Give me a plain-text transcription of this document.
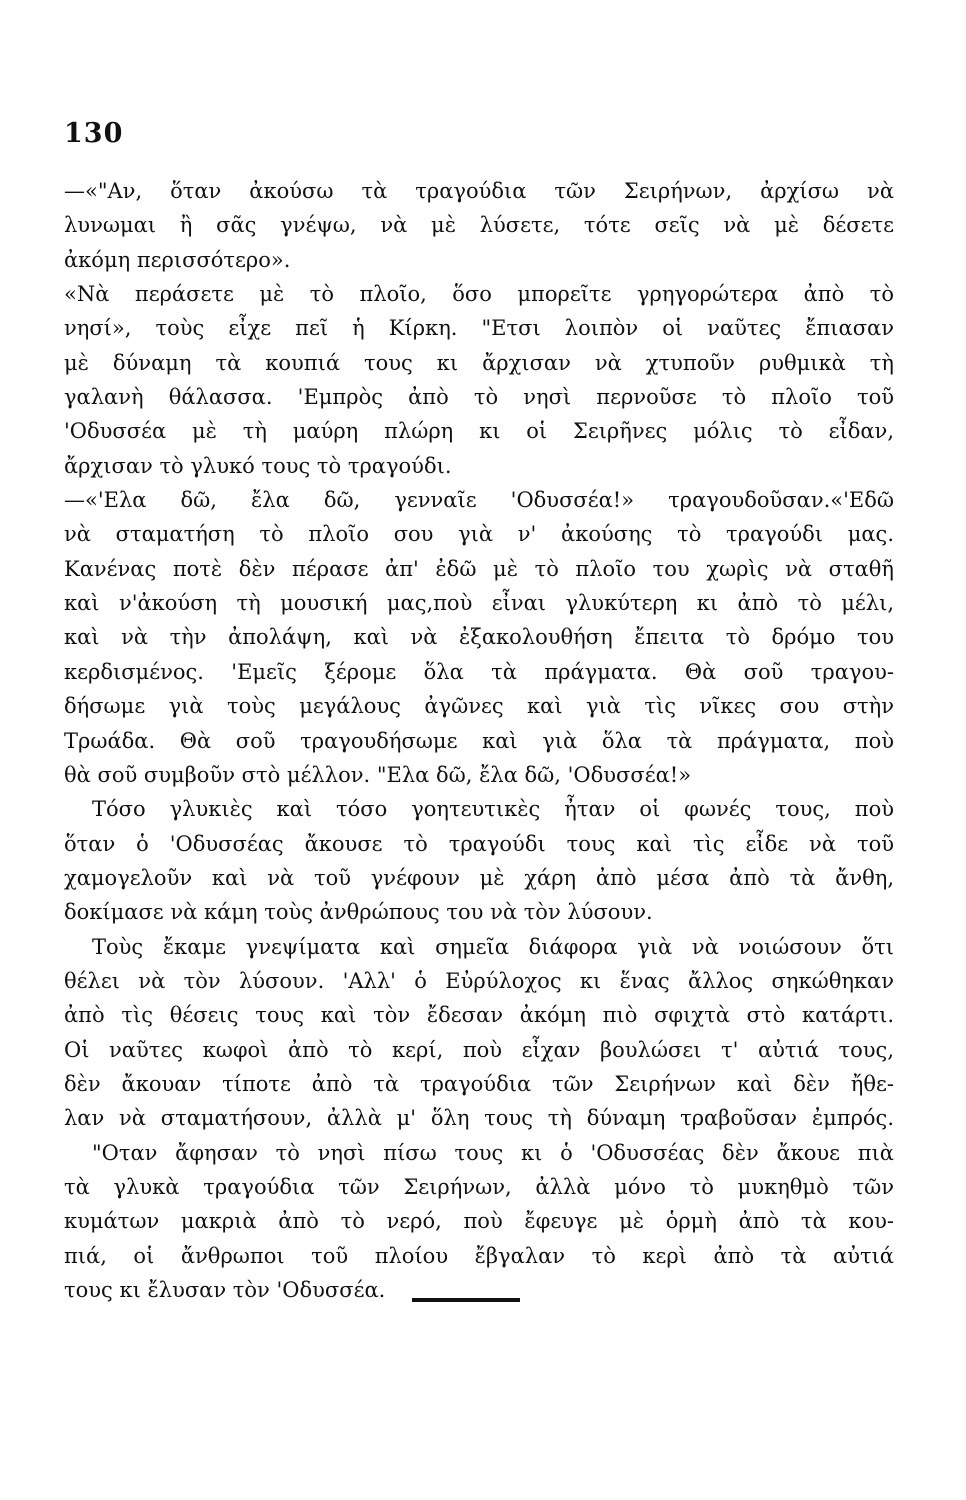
130
—«"Αν, ὅταν ἀκούσω τὰ τραγούδια τῶν Σειρήνων, ἀρχίσω νὰ
λυνωμαι ἢ σᾶς γνέψω, νὰ μὲ λύσετε, τότε σεῖς νὰ μὲ δέσετε
ἀκόμη περισσότερο».
«Νὰ περάσετε μὲ τὸ πλοῖο, ὅσο μπορεῖτε γρηγορώτερα ἀπὸ τὸ
νησί», τοὺς εἶχε πεῖ ἡ Κίρκη. "Ετσι λοιπὸν οἱ ναῦτες ἔπιασαν
μὲ δύναμη τὰ κουπιά τους κι ἄρχισαν νὰ χτυποῦν ρυθμικὰ τὴ
γαλανὴ θάλασσα. 'Εμπρὸς ἀπὸ τὸ νησὶ περνοῦσε τὸ πλοῖο τοῦ
'Οδυσσέα μὲ τὴ μαύρη πλώρη κι οἱ Σειρῆνες μόλις τὸ εἶδαν,
ἄρχισαν τὸ γλυκό τους τὸ τραγούδι.
—«'Ελα δῶ, ἔλα δῶ, γενναῖε 'Οδυσσέα!» τραγουδοῦσαν.«'Εδῶ
νὰ σταματήση τὸ πλοῖο σου γιὰ ν' ἀκούσης τὸ τραγούδι μας.
Κανένας ποτὲ δὲν πέρασε ἀπ' ἐδῶ μὲ τὸ πλοῖο του χωρὶς νὰ σταθῆ
καὶ ν'ἀκούση τὴ μουσική μας,ποὺ εἶναι γλυκύτερη κι ἀπὸ τὸ μέλι,
καὶ νὰ τὴν ἀπολάψη, καὶ νὰ ἐξακολουθήση ἔπειτα τὸ δρόμο του
κερδισμένος. 'Εμεῖς ξέρομε ὅλα τὰ πράγματα. Θὰ σοῦ τραγου-
δήσωμε γιὰ τοὺς μεγάλους ἀγῶνες καὶ γιὰ τὶς νῖκες σου στὴν
Τρωάδα. Θὰ σοῦ τραγουδήσωμε καὶ γιὰ ὅλα τὰ πράγματα, ποὺ
θὰ σοῦ συμβοῦν στὸ μέλλον. "Ελα δῶ, ἔλα δῶ, 'Οδυσσέα!»
Τόσο γλυκιὲς καὶ τόσο γοητευτικὲς ἦταν οἱ φωνές τους, ποὺ
ὅταν ὁ 'Οδυσσέας ἄκουσε τὸ τραγούδι τους καὶ τὶς εἶδε νὰ τοῦ
χαμογελοῦν καὶ νὰ τοῦ γνέφουν μὲ χάρη ἀπὸ μέσα ἀπὸ τὰ ἄνθη,
δοκίμασε νὰ κάμη τοὺς ἀνθρώπους του νὰ τὸν λύσουν.
Τοὺς ἔκαμε γνεψίματα καὶ σημεῖα διάφορα γιὰ νὰ νοιώσουν ὅτι
θέλει νὰ τὸν λύσουν. 'Αλλ' ὁ Εὐρύλοχος κι ἕνας ἄλλος σηκώθηκαν
ἀπὸ τὶς θέσεις τους καὶ τὸν ἔδεσαν ἀκόμη πιὸ σφιχτὰ στὸ κατάρτι.
Οἱ ναῦτες κωφοὶ ἀπὸ τὸ κερί, ποὺ εἶχαν βουλώσει τ' αὐτιά τους,
δὲν ἄκουαν τίποτε ἀπὸ τὰ τραγούδια τῶν Σειρήνων καὶ δὲν ἤθε-
λαν νὰ σταματήσουν, ἀλλὰ μ' ὅλη τους τὴ δύναμη τραβοῦσαν ἐμπρός.
"Οταν ἄφησαν τὸ νησὶ πίσω τους κι ὁ 'Οδυσσέας δὲν ἄκουε πιὰ
τὰ γλυκὰ τραγούδια τῶν Σειρήνων, ἀλλὰ μόνο τὸ μυκηθμὸ τῶν
κυμάτων μακριὰ ἀπὸ τὸ νερό, ποὺ ἔφευγε μὲ ὁρμὴ ἀπὸ τὰ κου-
πιά, οἱ ἄνθρωποι τοῦ πλοίου ἔβγαλαν τὸ κερὶ ἀπὸ τὰ αὐτιά
τους κι ἔλυσαν τὸν 'Οδυσσέα.
